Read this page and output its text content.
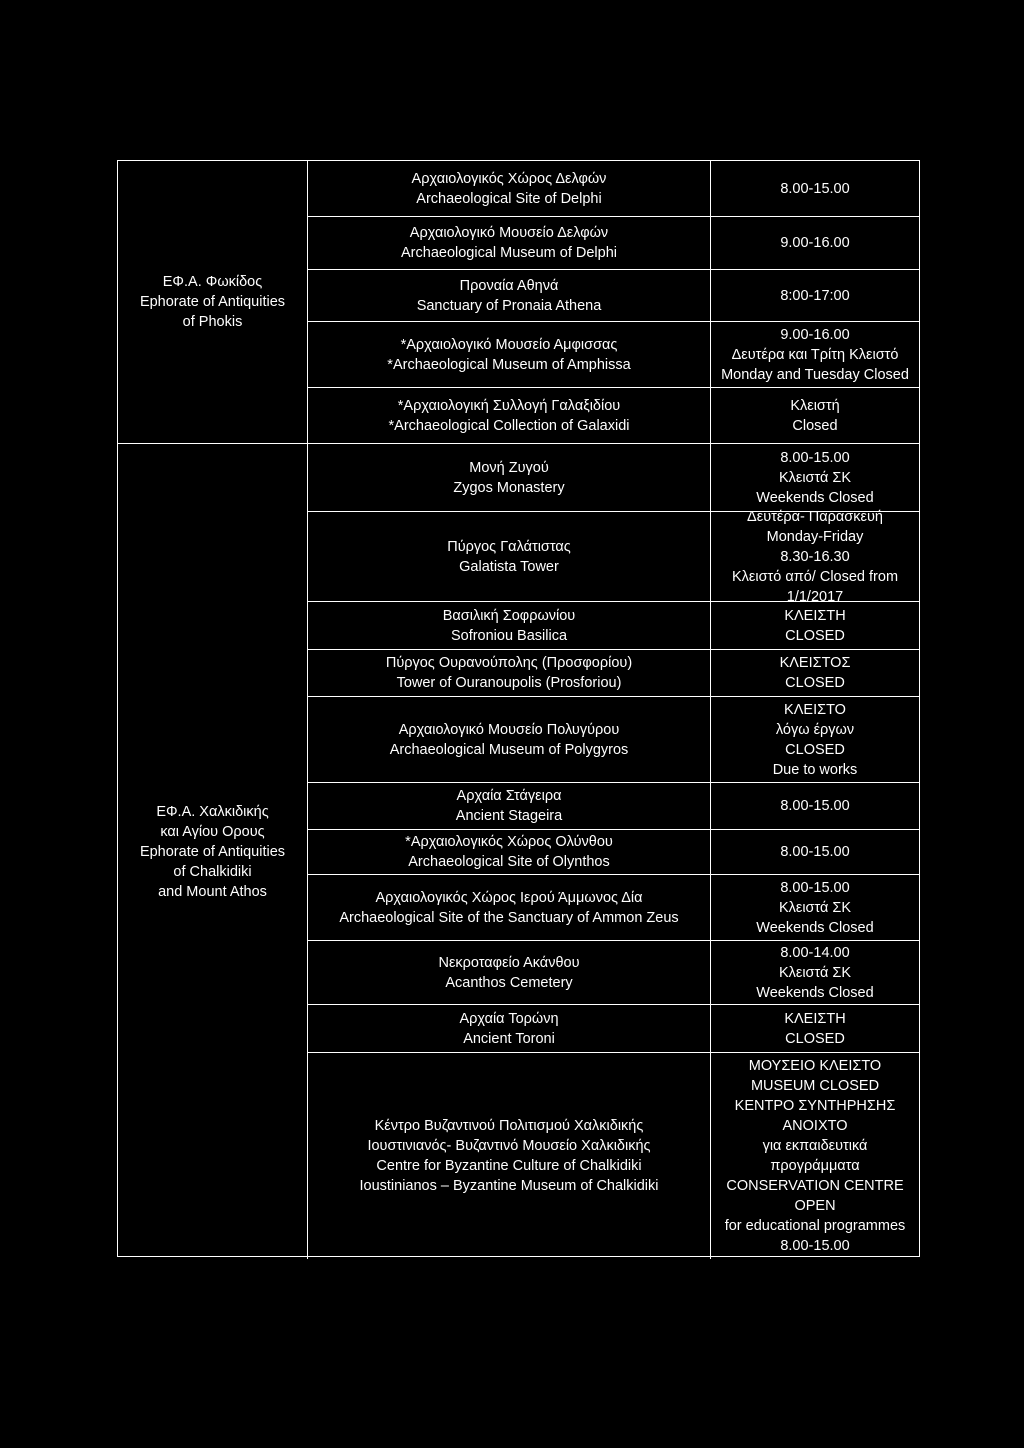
ΕΦ.Α. Φωκίδος
Ephorate of Antiquities
of Phokis
Αρχαιολογικός Χώρος Δελφών
Archaeological Site of Delphi
8.00-15.00
Αρχαιολογικό Μουσείο Δελφών
Archaeological Museum of Delphi
9.00-16.00
Προναία Αθηνά
Sanctuary of Pronaia Athena
8:00-17:00
*Αρχαιολογικό Μουσείο Αμφισσας
*Archaeological Museum of Amphissa
9.00-16.00
Δευτέρα και Τρίτη Κλειστό
Monday and Tuesday Closed
*Αρχαιολογική Συλλογή Γαλαξιδίου
*Archaeological Collection of Galaxidi
Κλειστή
Closed
ΕΦ.Α. Χαλκιδικής
και Αγίου Ορους
Ephorate of Antiquities
of Chalkidiki
and Mount Athos
Μονή Ζυγού
Zygos Monastery
8.00-15.00
Κλειστά ΣΚ
Weekends Closed
Πύργος Γαλάτιστας
Galatista Tower
Δευτέρα- Παρασκευή
Monday-Friday
8.30-16.30
Κλειστό από/ Closed from
1/1/2017
Βασιλική Σοφρωνίου
Sofroniou Basilica
ΚΛΕΙΣΤΗ
CLOSED
Πύργος Ουρανούπολης (Προσφορίου)
Tower of Ouranoupolis (Prosforiou)
ΚΛΕΙΣΤΟΣ
CLOSED
Αρχαιολογικό Μουσείο Πολυγύρου
Archaeological Museum of Polygyros
ΚΛΕΙΣΤΟ
λόγω έργων
CLOSED
Due to works
Αρχαία Στάγειρα
Ancient Stageira
8.00-15.00
*Αρχαιολογικός Χώρος Ολύνθου
Archaeological Site of Olynthos
8.00-15.00
Αρχαιολογικός Χώρος Ιερού Άμμωνος Δία
Archaeological Site of the Sanctuary of Ammon Zeus
8.00-15.00
Κλειστά ΣΚ
Weekends Closed
Νεκροταφείο Ακάνθου
Acanthos Cemetery
8.00-14.00
Κλειστά ΣΚ
Weekends Closed
Αρχαία Τορώνη
Ancient Toroni
ΚΛΕΙΣΤΗ
CLOSED
Κέντρο Βυζαντινού Πολιτισμού Χαλκιδικής
Ιουστινιανός- Βυζαντινό Μουσείο Χαλκιδικής
Centre for Byzantine Culture of Chalkidiki
Ioustinianos – Byzantine Museum of Chalkidiki
ΜΟΥΣΕΙΟ ΚΛΕΙΣΤΟ
MUSEUM CLOSED
ΚΕΝΤΡΟ ΣΥΝΤΗΡΗΣΗΣ
ΑΝΟΙΧΤΟ
για εκπαιδευτικά
προγράμματα
CONSERVATION CENTRE
OPEN
for educational programmes
8.00-15.00
